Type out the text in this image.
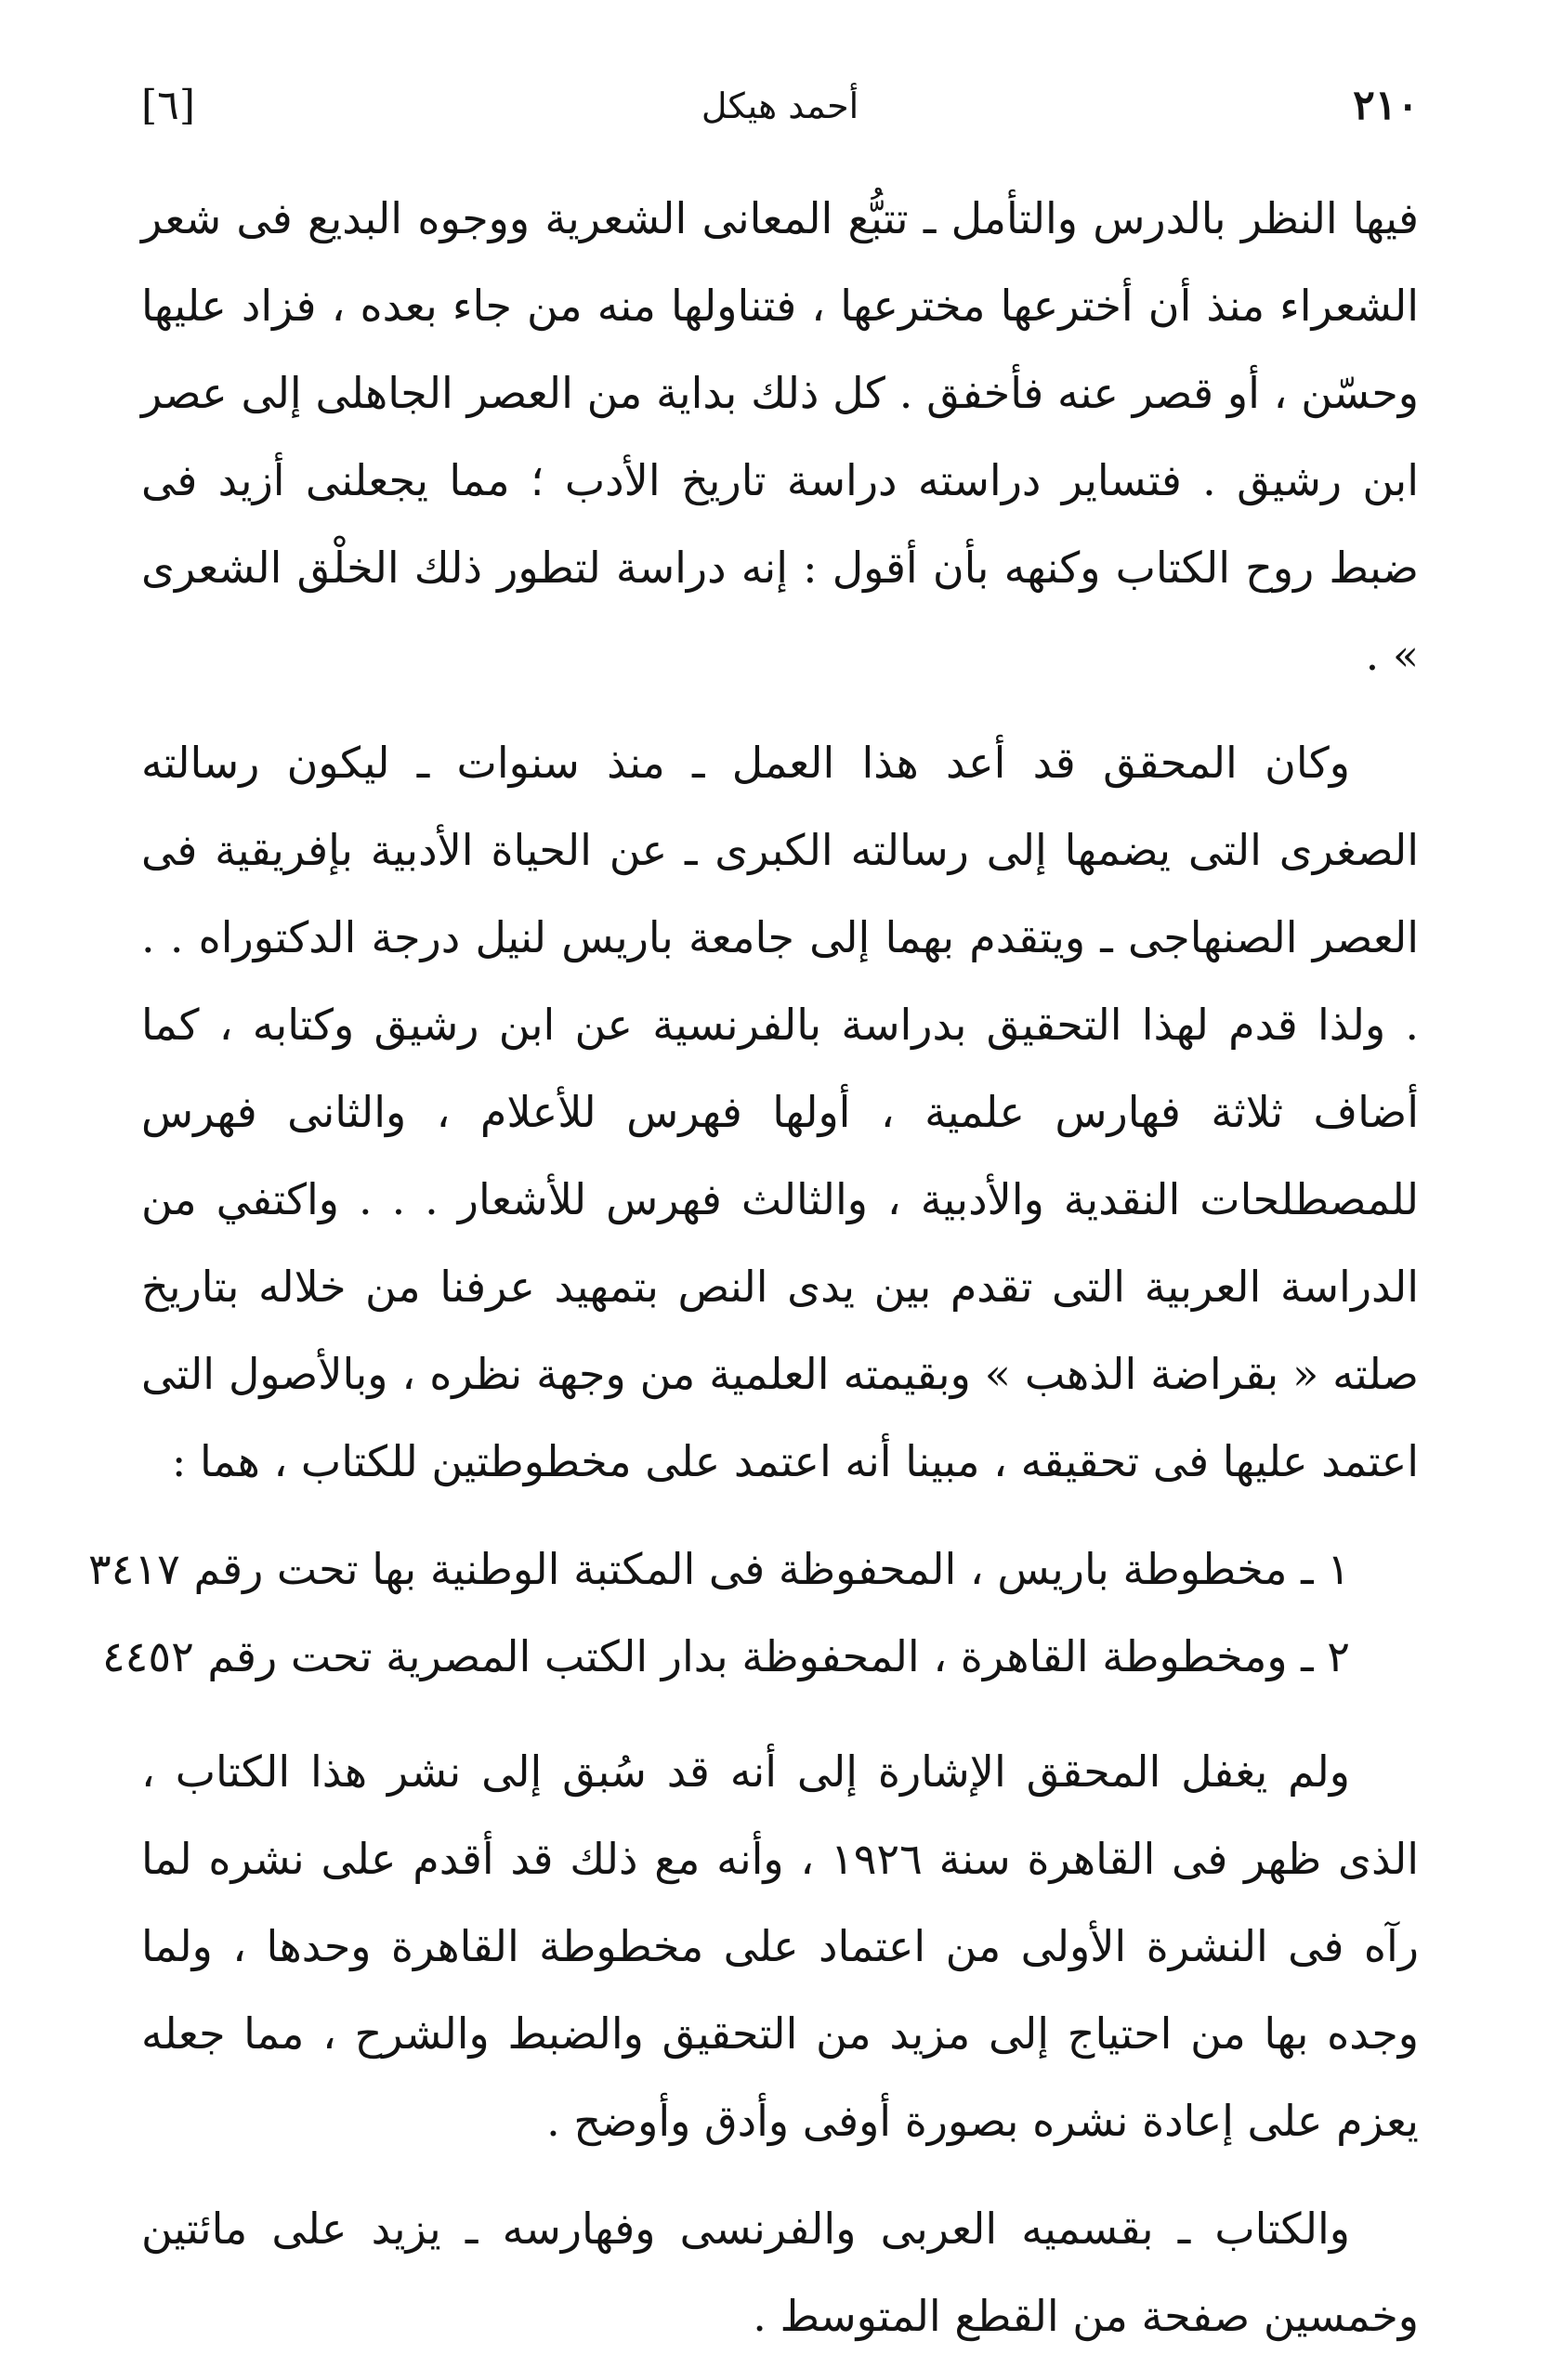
٢١٠
أحمد هيكل
[٦]

فيها النظر بالدرس والتأمل ـ تتبُّع المعانى الشعرية ووجوه البديع فى شعر الشعراء منذ أن أخترعها مخترعها ، فتناولها منه من جاء بعده ، فزاد عليها وحسّن ، أو قصر عنه فأخفق . كل ذلك بداية من العصر الجاهلى إلى عصر ابن رشيق . فتساير دراسته دراسة تاريخ الأدب ؛ مما يجعلنى أزيد فى ضبط روح الكتاب وكنهه بأن أقول : إنه دراسة لتطور ذلك الخلْق الشعرى » .

وكان المحقق قد أعد هذا العمل ـ منذ سنوات ـ ليكون رسالته الصغرى التى يضمها إلى رسالته الكبرى ـ عن الحياة الأدبية بإفريقية فى العصر الصنهاجى ـ ويتقدم بهما إلى جامعة باريس لنيل درجة الدكتوراه . . . ولذا قدم لهذا التحقيق بدراسة بالفرنسية عن ابن رشيق وكتابه ، كما أضاف ثلاثة فهارس علمية ، أولها فهرس للأعلام ، والثانى فهرس للمصطلحات النقدية والأدبية ، والثالث فهرس للأشعار . . . واكتفي من الدراسة العربية التى تقدم بين يدى النص بتمهيد عرفنا من خلاله بتاريخ صلته « بقراضة الذهب » وبقيمته العلمية من وجهة نظره ، وبالأصول التى اعتمد عليها فى تحقيقه ، مبينا أنه اعتمد على مخطوطتين للكتاب ، هما :

١ ـ مخطوطة باريس ، المحفوظة فى المكتبة الوطنية بها تحت رقم ٣٤١٧
٢ ـ ومخطوطة القاهرة ، المحفوظة بدار الكتب المصرية تحت رقم ٤٤٥٢

ولم يغفل المحقق الإشارة إلى أنه قد سُبق إلى نشر هذا الكتاب ، الذى ظهر فى القاهرة سنة ١٩٢٦ ، وأنه مع ذلك قد أقدم على نشره لما رآه فى النشرة الأولى من اعتماد على مخطوطة القاهرة وحدها ، ولما وجده بها من احتياج إلى مزيد من التحقيق والضبط والشرح ، مما جعله يعزم على إعادة نشره بصورة أوفى وأدق وأوضح .

والكتاب ـ بقسميه العربى والفرنسى وفهارسه ـ يزيد على مائتين وخمسين صفحة من القطع المتوسط .
